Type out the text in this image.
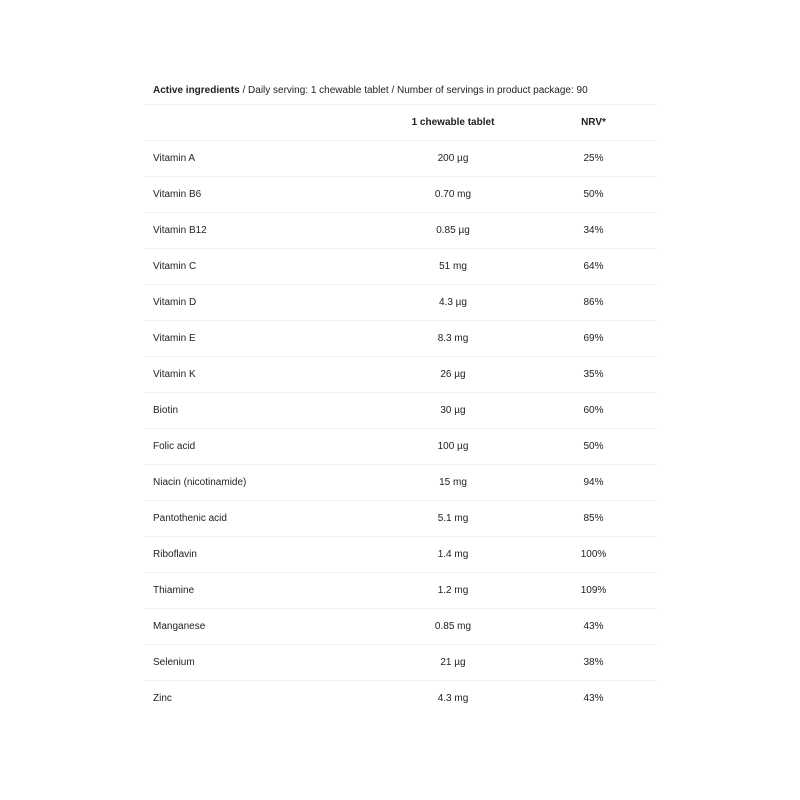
Active ingredients / Daily serving: 1 chewable tablet / Number of servings in product package: 90
	1 chewable tablet	NRV*
Vitamin A	200 µg	25%
Vitamin B6	0.70 mg	50%
Vitamin B12	0.85 µg	34%
Vitamin C	51 mg	64%
Vitamin D	4.3 µg	86%
Vitamin E	8.3 mg	69%
Vitamin K	26 µg	35%
Biotin	30 µg	60%
Folic acid	100 µg	50%
Niacin (nicotinamide)	15 mg	94%
Pantothenic acid	5.1 mg	85%
Riboflavin	1.4 mg	100%
Thiamine	1.2 mg	109%
Manganese	0.85 mg	43%
Selenium	21 µg	38%
Zinc	4.3 mg	43%
